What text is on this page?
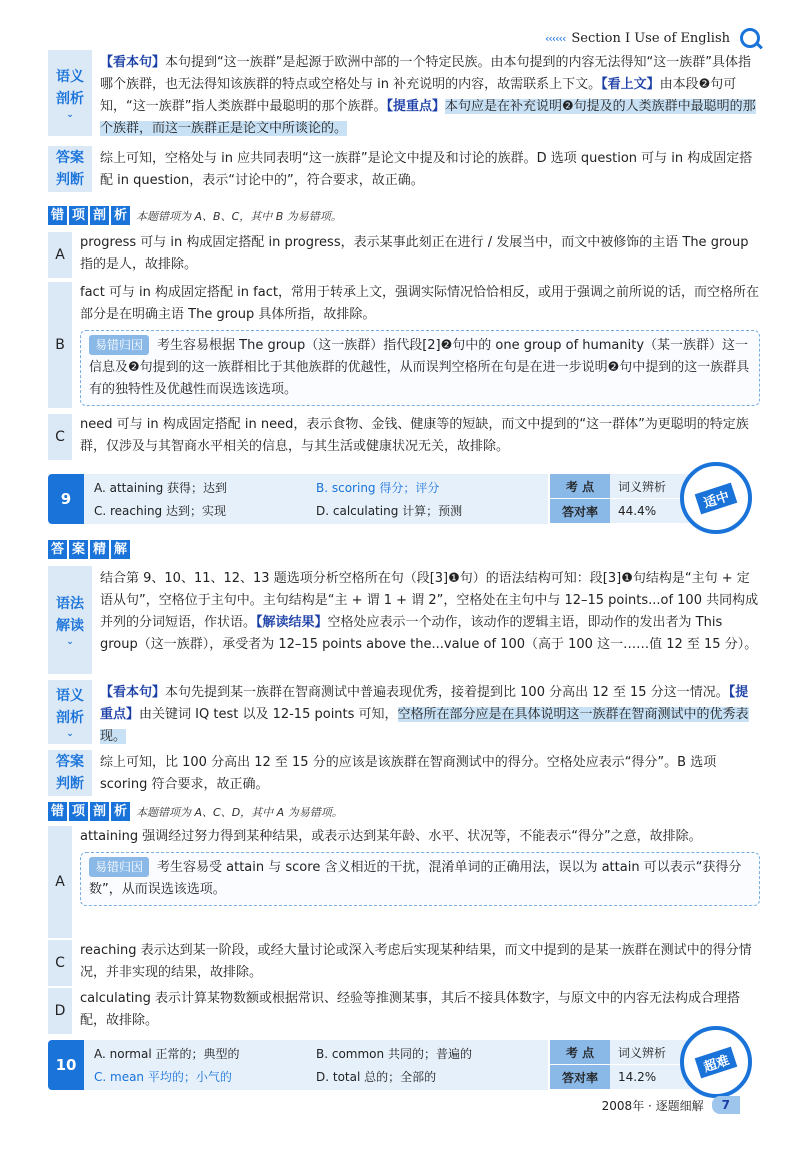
‹‹‹‹‹‹ Section I Use of English
语义
剖析
⌄
【看本句】本句提到“这一族群”是起源于欧洲中部的一个特定民族。由本句提到的内容无法得知“这一族群”具体指哪个族群，也无法得知该族群的特点或空格处与 in 补充说明的内容，故需联系上下文。【看上文】由本段❷句可知，“这一族群”指人类族群中最聪明的那个族群。【提重点】本句应是在补充说明❷句提及的人类族群中最聪明的那个族群，而这一族群正是论文中所谈论的。
答案
判断
综上可知，空格处与 in 应共同表明“这一族群”是论文中提及和讨论的族群。D 选项 question 可与 in 构成固定搭配 in question，表示“讨论中的”，符合要求，故正确。
错 项 剖 析 本题错项为 A、B、C，其中 B 为易错项。
A
progress 可与 in 构成固定搭配 in progress，表示某事此刻正在进行 / 发展当中，而文中被修饰的主语 The group 指的是人，故排除。
B
fact 可与 in 构成固定搭配 in fact，常用于转承上文，强调实际情况恰恰相反，或用于强调之前所说的话，而空格所在部分是在明确主语 The group 具体所指，故排除。
易错归因 考生容易根据 The group（这一族群）指代段[2]❷句中的 one group of humanity（某一族群）这一信息及❷句提到的这一族群相比于其他族群的优越性，从而误判空格所在句是在进一步说明❷句中提到的这一族群具有的独特性及优越性而误选该选项。
C
need 可与 in 构成固定搭配 in need，表示食物、金钱、健康等的短缺，而文中提到的“这一群体”为更聪明的特定族群，仅涉及与其智商水平相关的信息，与其生活或健康状况无关，故排除。
9
A. attaining 获得；达到	B. scoring 得分；评分
C. reaching 达到；实现	D. calculating 计算；预测
考 点	词义辨析
答对率	44.4%	适中
答 案 精 解
语法
解读
⌄
结合第 9、10、11、12、13 题选项分析空格所在句（段[3]❶句）的语法结构可知：段[3]❶句结构是“主句 + 定语从句”，空格位于主句中。主句结构是“主 + 谓 1 + 谓 2”，空格处在主句中与 12–15 points...of 100 共同构成并列的分词短语，作状语。【解读结果】空格处应表示一个动作，该动作的逻辑主语，即动作的发出者为 This group（这一族群），承受者为 12–15 points above the...value of 100（高于 100 这一……值 12 至 15 分）。
语义
剖析
⌄
【看本句】本句先提到某一族群在智商测试中普遍表现优秀，接着提到比 100 分高出 12 至 15 分这一情况。【提重点】由关键词 IQ test 以及 12-15 points 可知，空格所在部分应是在具体说明这一族群在智商测试中的优秀表现。
答案
判断
综上可知，比 100 分高出 12 至 15 分的应该是该族群在智商测试中的得分。空格处应表示“得分”。B 选项 scoring 符合要求，故正确。
错 项 剖 析 本题错项为 A、C、D，其中 A 为易错项。
A
attaining 强调经过努力得到某种结果，或表示达到某年龄、水平、状况等，不能表示“得分”之意，故排除。
易错归因 考生容易受 attain 与 score 含义相近的干扰，混淆单词的正确用法，误以为 attain 可以表示“获得分数”，从而误选该选项。
C
reaching 表示达到某一阶段，或经大量讨论或深入考虑后实现某种结果，而文中提到的是某一族群在测试中的得分情况，并非实现的结果，故排除。
D
calculating 表示计算某物数额或根据常识、经验等推测某事，其后不接具体数字，与原文中的内容无法构成合理搭配，故排除。
10
A. normal 正常的；典型的	B. common 共同的；普遍的
C. mean 平均的；小气的	D. total 总的；全部的
考 点	词义辨析
答对率	14.2%
超难
2008年 · 逐题细解	7
